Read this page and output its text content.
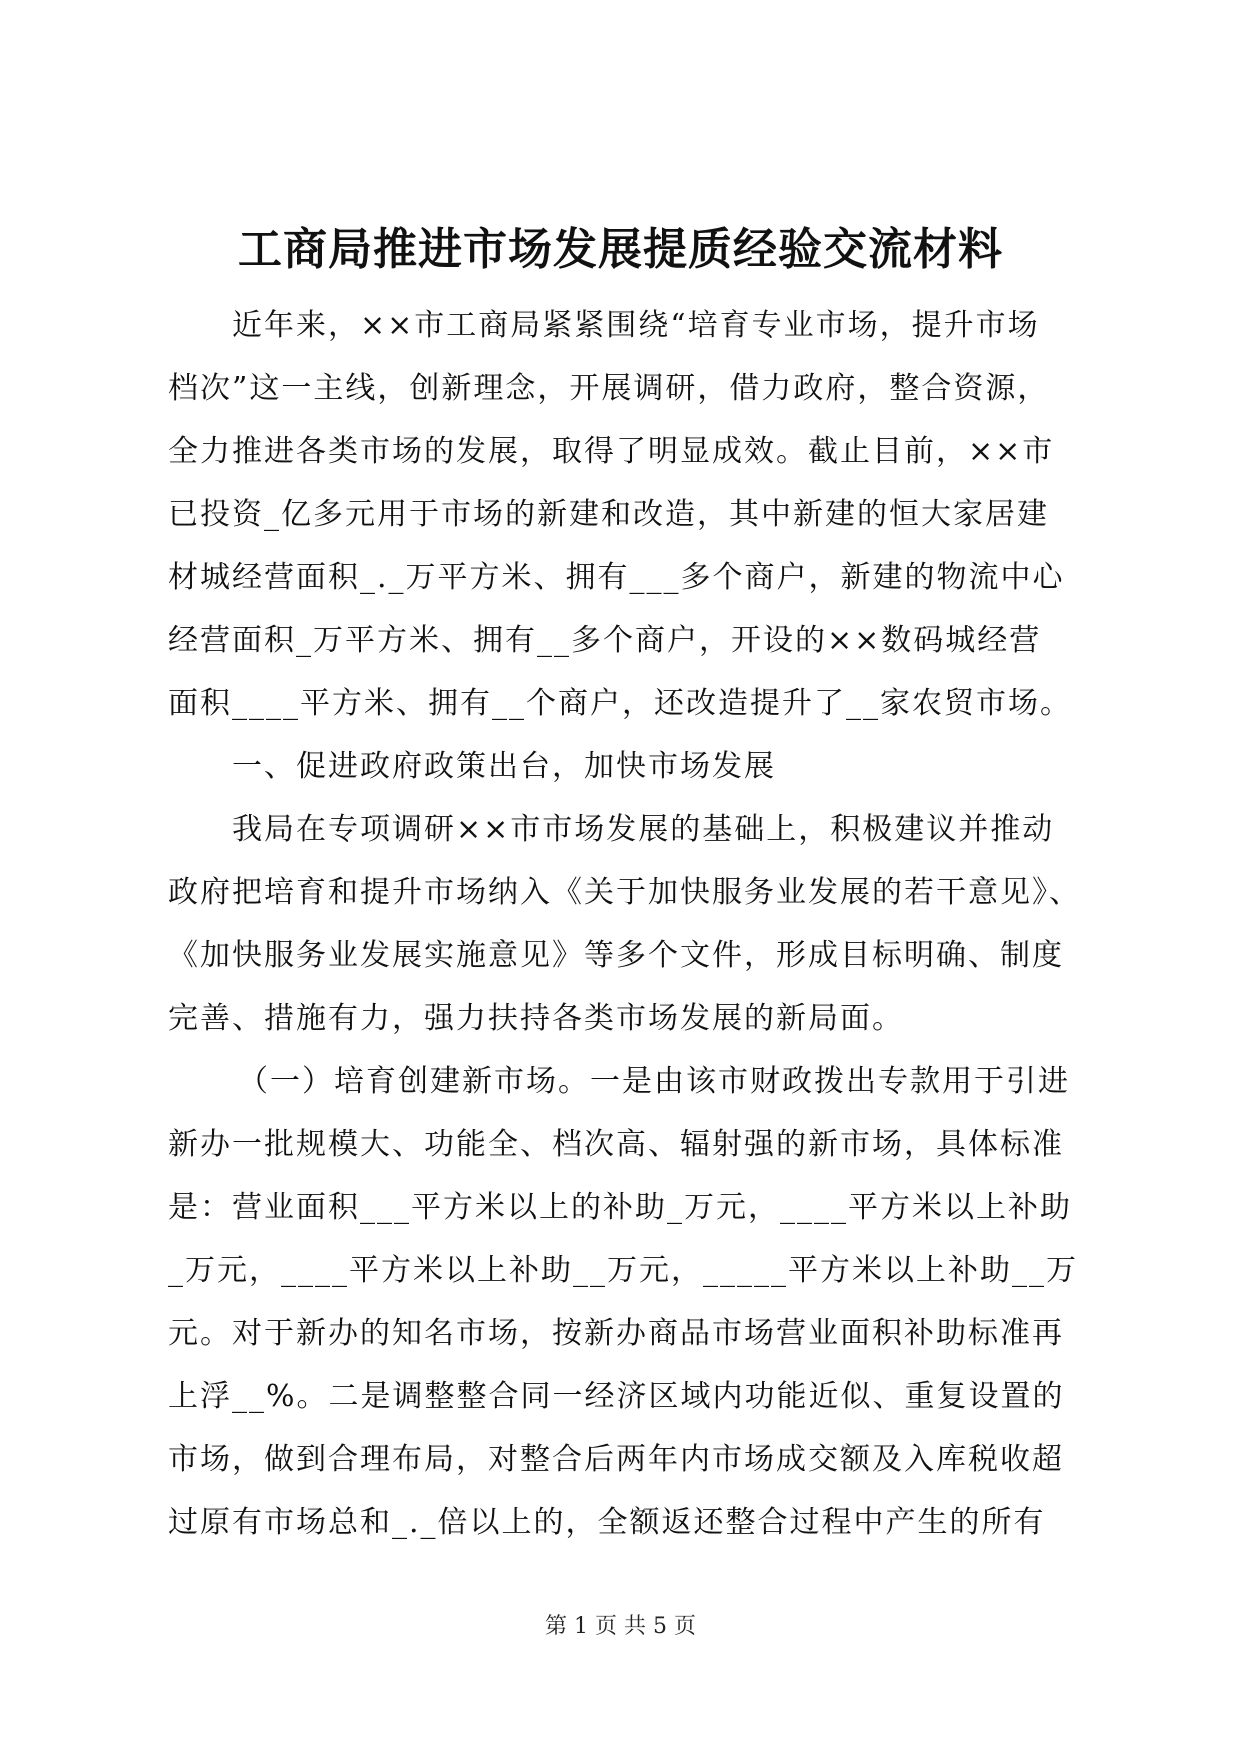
工商局推进市场发展提质经验交流材料
近年来，××市工商局紧紧围绕“培育专业市场，提升市场
档次”这一主线，创新理念，开展调研，借力政府，整合资源，
全力推进各类市场的发展，取得了明显成效。截止目前，××市
已投资_亿多元用于市场的新建和改造，其中新建的恒大家居建
材城经营面积_._万平方米、拥有___多个商户，新建的物流中心
经营面积_万平方米、拥有__多个商户，开设的××数码城经营
面积____平方米、拥有__个商户，还改造提升了__家农贸市场。
一、促进政府政策出台，加快市场发展
我局在专项调研××市市场发展的基础上，积极建议并推动
政府把培育和提升市场纳入《关于加快服务业发展的若干意见》、
《加快服务业发展实施意见》等多个文件，形成目标明确、制度
完善、措施有力，强力扶持各类市场发展的新局面。
（一）培育创建新市场。一是由该市财政拨出专款用于引进
新办一批规模大、功能全、档次高、辐射强的新市场，具体标准
是：营业面积___平方米以上的补助_万元，____平方米以上补助
_万元，____平方米以上补助__万元，_____平方米以上补助__万
元。对于新办的知名市场，按新办商品市场营业面积补助标准再
上浮__%。二是调整整合同一经济区域内功能近似、重复设置的
市场，做到合理布局，对整合后两年内市场成交额及入库税收超
过原有市场总和_._倍以上的，全额返还整合过程中产生的所有
第 1 页 共 5 页
